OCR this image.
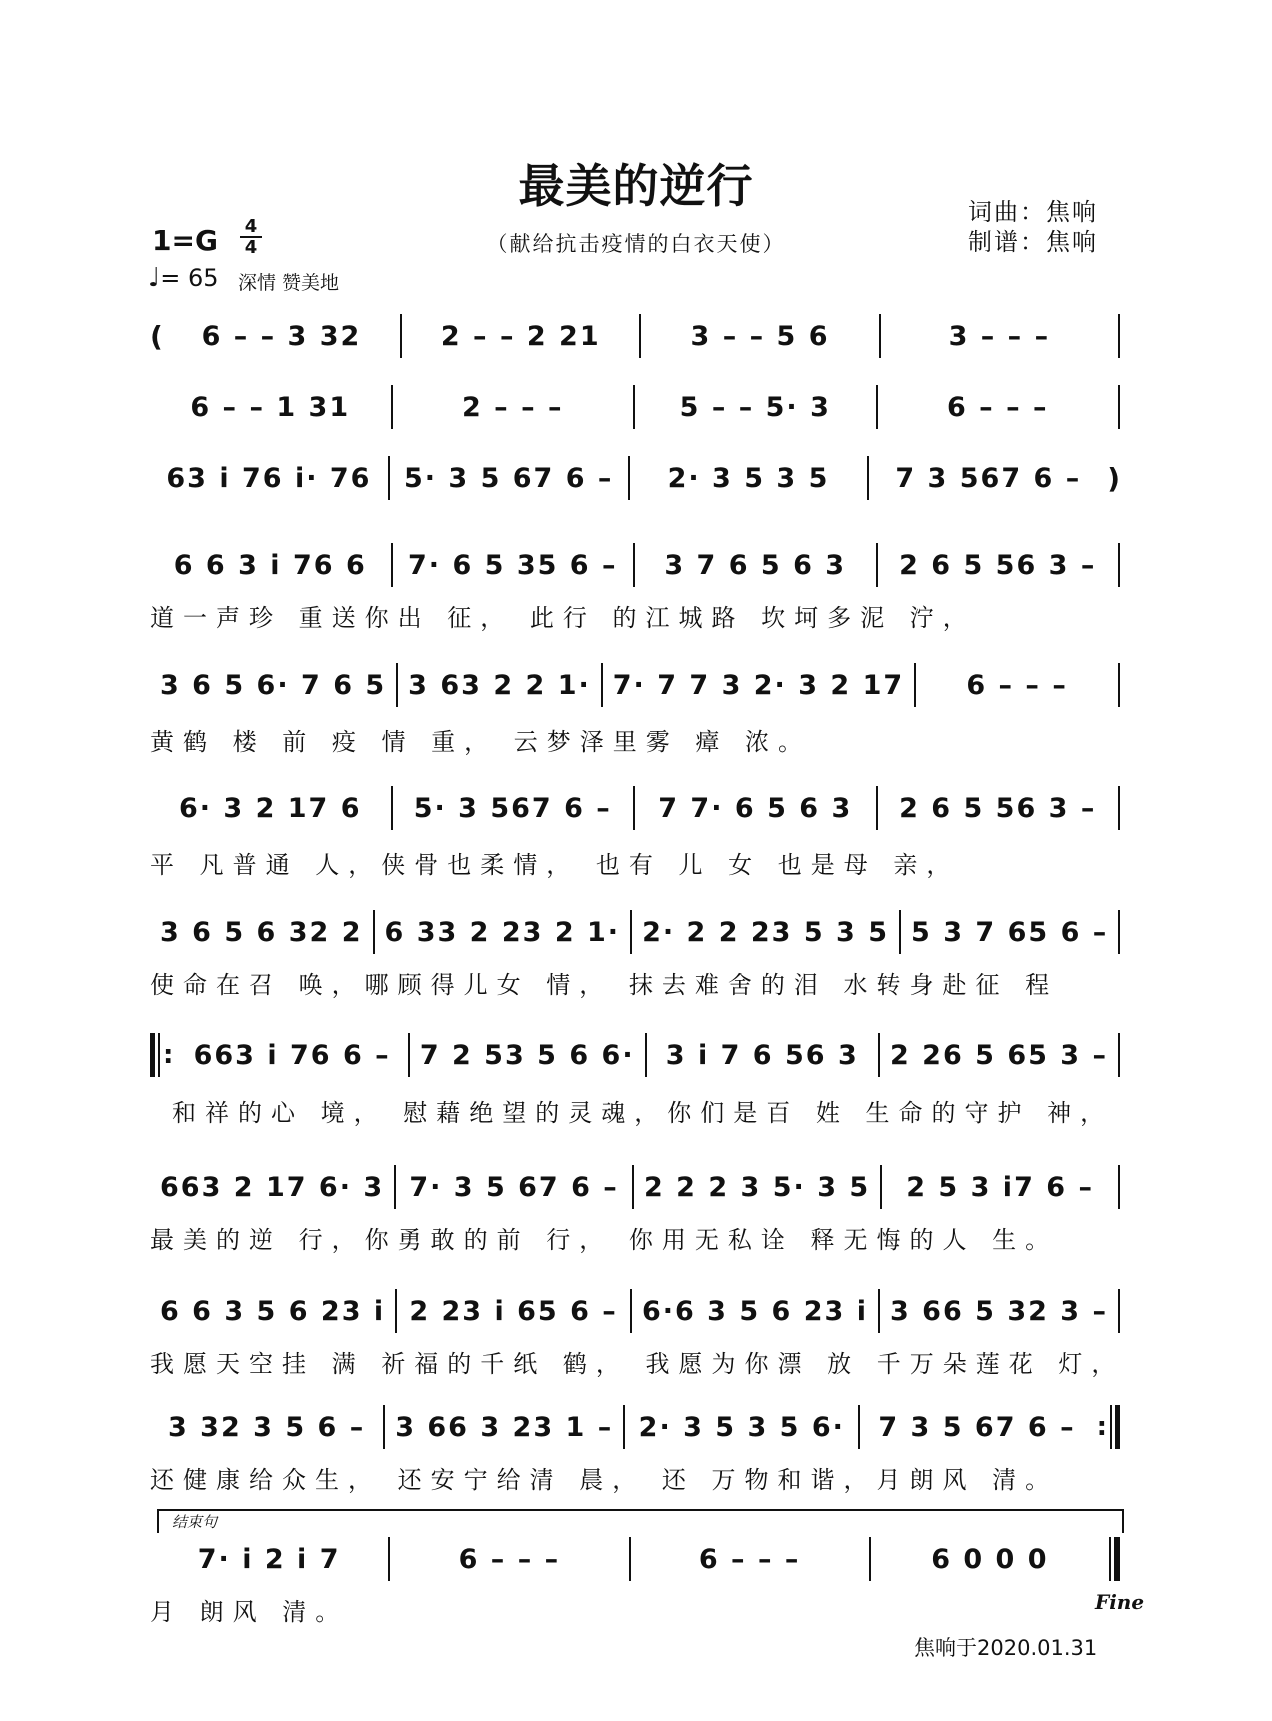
最美的逆行
（献给抗击疫情的白衣天使）
词曲：焦响
制谱：焦响
1=G	4
4
♩= 65 深情 赞美地
(	6 – – 3 32	2 – – 2 21	3 – – 5 6	3 – – –
6 – – 1 31	2 – – –	5 – – 5· 3	6 – – –
63 i 76 i· 76	5· 3 5 67 6 –	2· 3 5 3 5	7 3 567 6 – )
6 6 3 i 76 6	7· 6 5 35 6 –	3 7 6 5 6 3	2 6 5 56 3 –
道一声珍 重送你出 征， 此行 的江城路 坎坷多泥 泞，
3 6 5 6· 7 6 5 3 63 2 2 1· 7· 7 7 3 2· 3 2 17	6 – – –
黄鹤 楼 前 疫 情 重， 云梦泽里雾 瘴 浓。
6· 3 2 17 6	5· 3 567 6 –	7 7· 6 5 6 3	2 6 5 56 3 –
平 凡普通 人，侠骨也柔情， 也有 儿 女 也是母 亲，
3 6 5 6 32 2 6 33 2 23 2 1· 2· 2 2 23 5 3 5 5 3 7 65 6 –
使命在召 唤，哪顾得儿女 情， 抹去难舍的泪 水转身赴征 程
: 663 i 76 6 –	7 2 53 5 6 6·	3 i 7 6 56 3	2 26 5 65 3 –
和祥的心 境， 慰藉绝望的灵魂，你们是百 姓 生命的守护 神，
663 2 17 6· 3 7· 3 5 67 6 – 2 2 2 3 5· 3 5	2 5 3 i7 6 –
最美的逆 行，你勇敢的前 行， 你用无私诠 释无悔的人 生。
6 6 3 5 6 23 i 2 23 i 65 6 – 6·6 3 5 6 23 i 3 66 5 32 3 –
我愿天空挂 满 祈福的千纸 鹤， 我愿为你漂 放 千万朵莲花 灯，
3 32 3 5 6 –	3 66 3 23 1 – 2· 3 5 3 5 6·	7 3 5 67 6 – :
还健康给众生， 还安宁给清 晨， 还 万物和谐，月朗风 清。
结束句
7· i 2 i 7	6 – – –	6 – – –	6 0 0 0
月 朗风 清。	Fine
焦响于2020.01.31
